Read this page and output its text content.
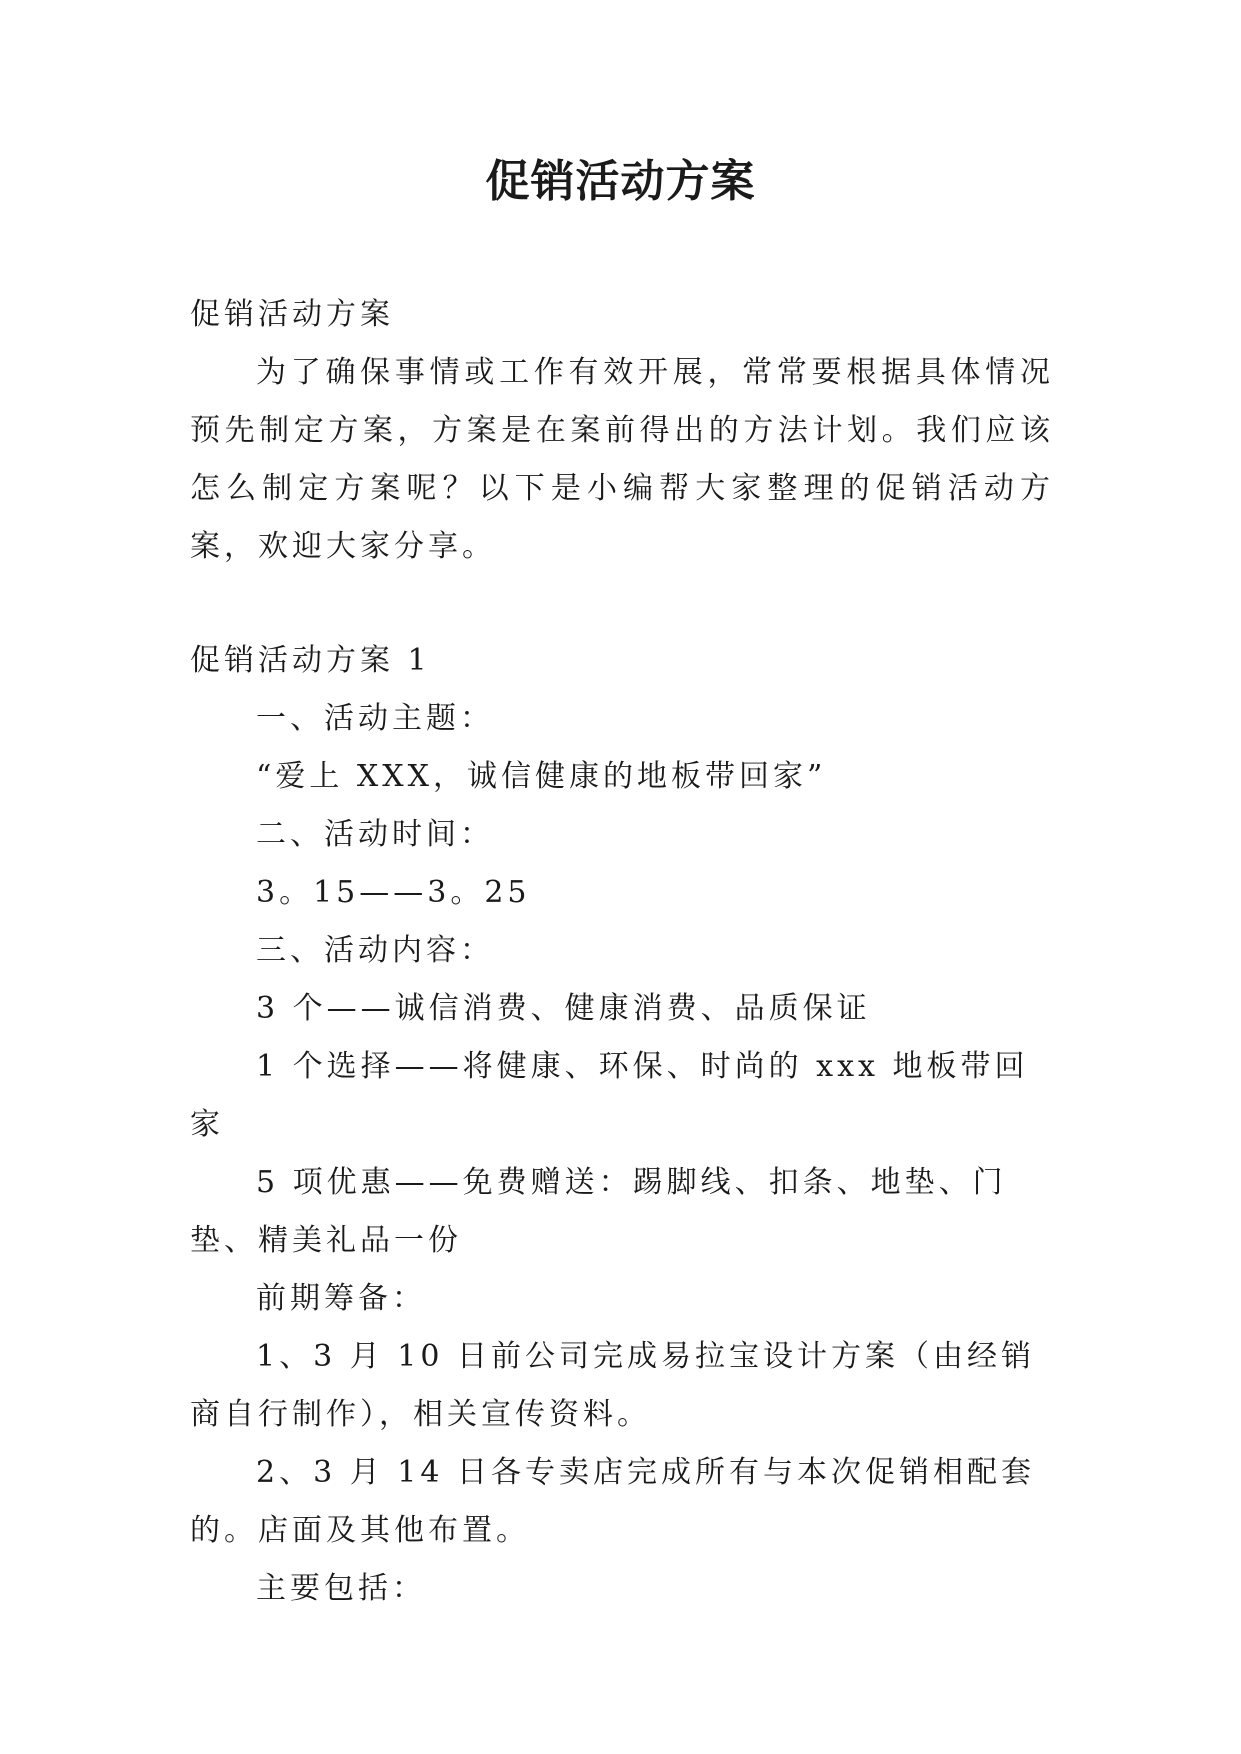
促销活动方案

促销活动方案

为了确保事情或工作有效开展，常常要根据具体情况预先制定方案，方案是在案前得出的方法计划。我们应该怎么制定方案呢？以下是小编帮大家整理的促销活动方案，欢迎大家分享。

促销活动方案 1

一、活动主题：

“爱上 XXX，诚信健康的地板带回家”

二、活动时间：

3。15——3。25

三、活动内容：

3 个——诚信消费、健康消费、品质保证

1 个选择——将健康、环保、时尚的 xxx 地板带回家

5 项优惠——免费赠送：踢脚线、扣条、地垫、门垫、精美礼品一份

前期筹备：

1、3 月 10 日前公司完成易拉宝设计方案（由经销商自行制作），相关宣传资料。

2、3 月 14 日各专卖店完成所有与本次促销相配套的。店面及其他布置。

主要包括：
